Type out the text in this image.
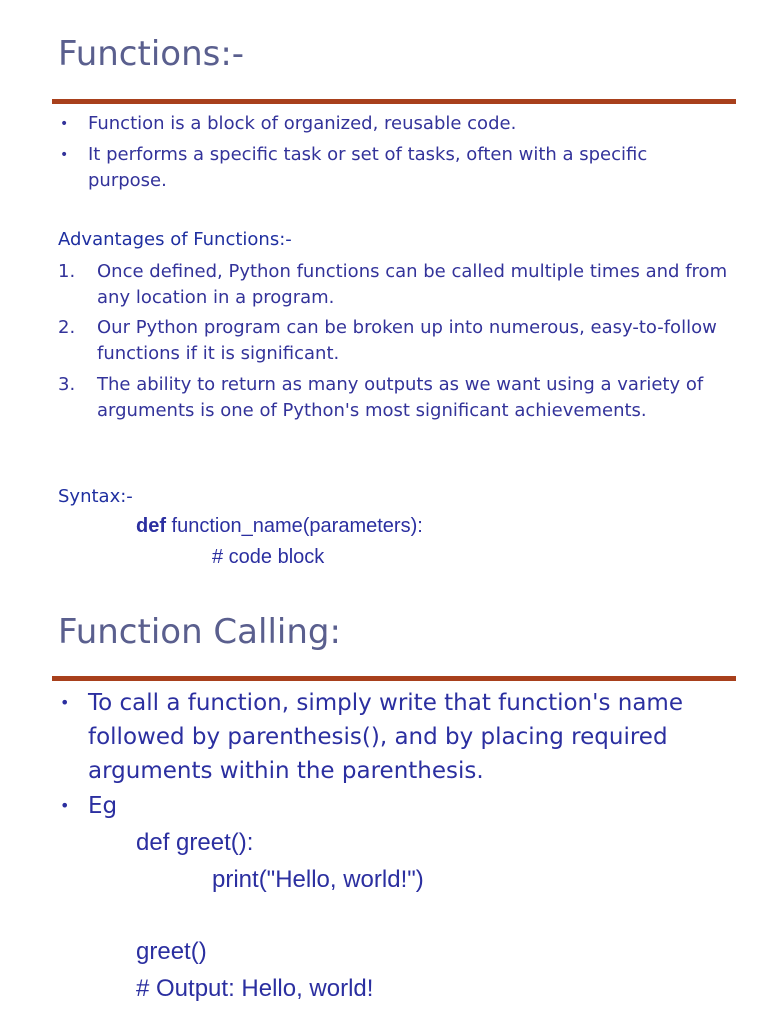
Functions:-
• Function is a block of organized, reusable code.
• It performs a specific task or set of tasks, often with a specific purpose.
Advantages of Functions:-
1. Once defined, Python functions can be called multiple times and from any location in a program.
2. Our Python program can be broken up into numerous, easy-to-follow functions if it is significant.
3. The ability to return as many outputs as we want using a variety of arguments is one of Python's most significant achievements.
Syntax:-
def function_name(parameters):
# code block
Function Calling:
• To call a function, simply write that function's name followed by parenthesis(), and by placing required arguments within the parenthesis.
• Eg
def greet():
print("Hello, world!")
greet()
# Output: Hello, world!
